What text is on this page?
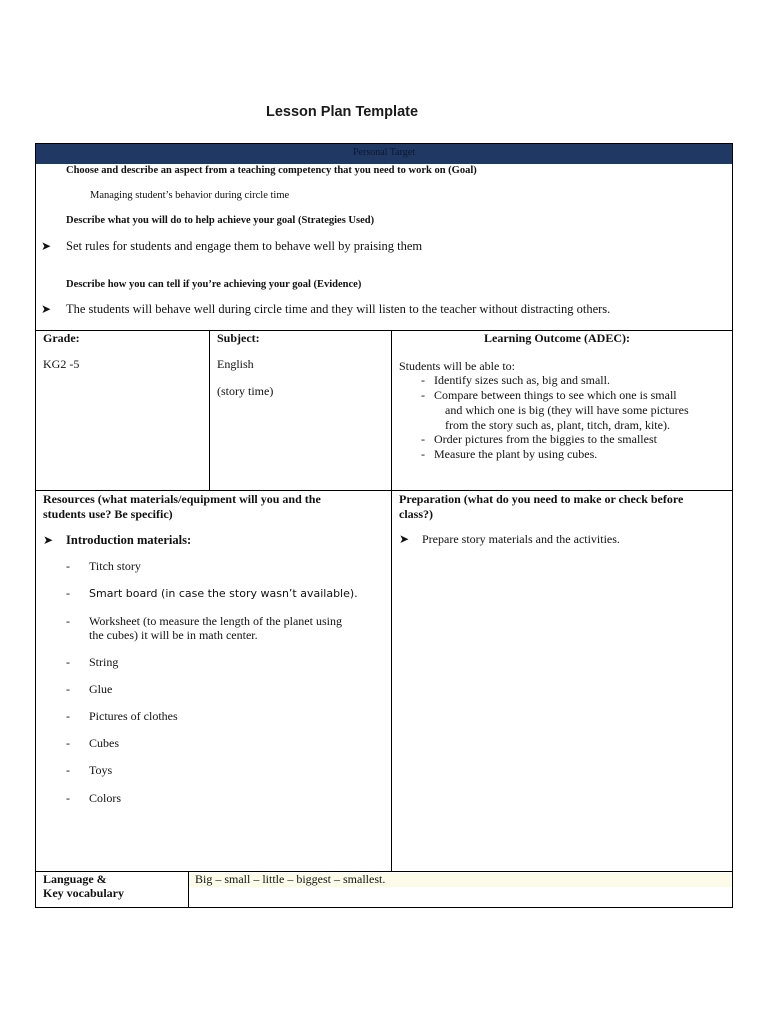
Lesson Plan Template
Personal Target
Choose and describe an aspect from a teaching competency that you need to work on (Goal)
Managing student’s behavior during circle time
Describe what you will do to help achieve your goal (Strategies Used)
➤ Set rules for students and engage them to behave well by praising them
Describe how you can tell if you’re achieving your goal (Evidence)
➤ The students will behave well during circle time and they will listen to the teacher without distracting others.
Grade:
KG2 -5
Subject:
English
(story time)
Learning Outcome (ADEC):
Students will be able to:
- Identify sizes such as, big and small.
- Compare between things to see which one is small
and which one is big (they will have some pictures
from the story such as, plant, titch, dram, kite).
- Order pictures from the biggies to the smallest
- Measure the plant by using cubes.
Resources (what materials/equipment will you and the
students use? Be specific)
➤ Introduction materials:
- Titch story
- Smart board (in case the story wasn’t available).
- Worksheet (to measure the length of the planet using
the cubes) it will be in math center.
- String
- Glue
- Pictures of clothes
- Cubes
- Toys
- Colors
Preparation (what do you need to make or check before
class?)
➤ Prepare story materials and the activities.
Language &
Key vocabulary
Big – small – little – biggest – smallest.
